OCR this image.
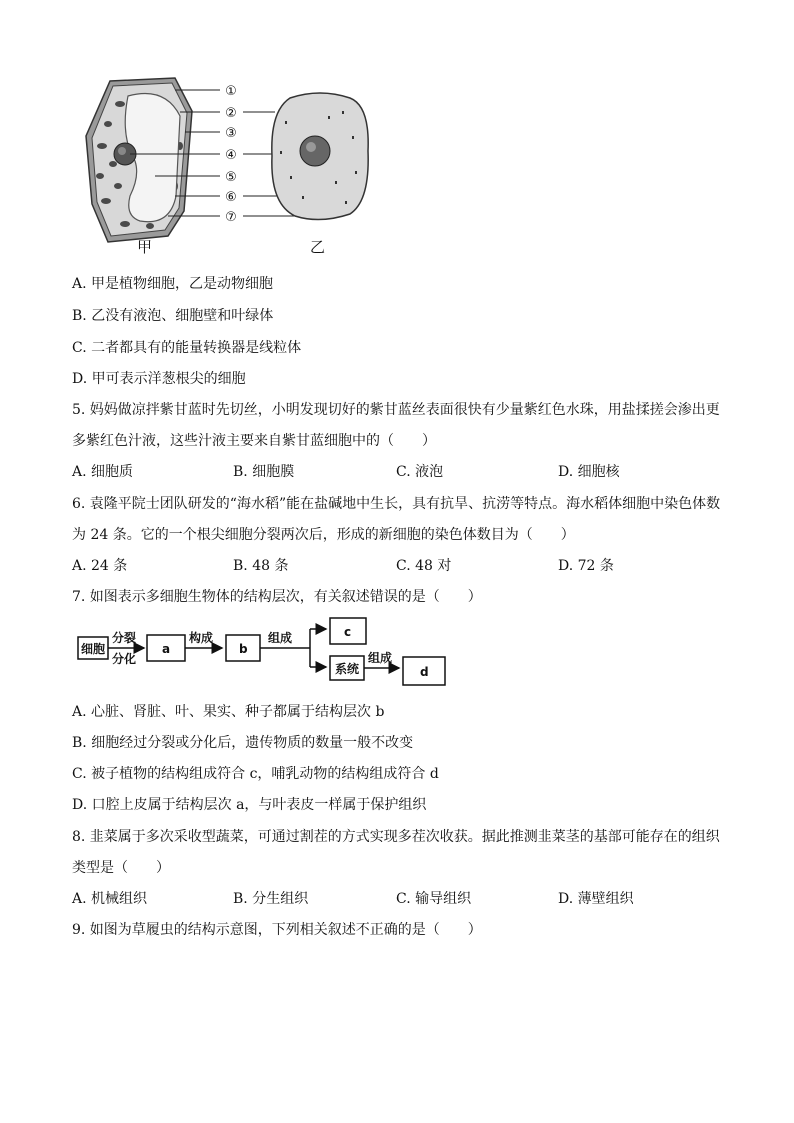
①
②
③
④
⑤
⑥
⑦
甲	乙
A. 甲是植物细胞，乙是动物细胞
B. 乙没有液泡、细胞壁和叶绿体
C. 二者都具有的能量转换器是线粒体
D. 甲可表示洋葱根尖的细胞
5. 妈妈做凉拌紫甘蓝时先切丝，小明发现切好的紫甘蓝丝表面很快有少量紫红色水珠，用盐揉搓会渗出更
多紫红色汁液，这些汁液主要来自紫甘蓝细胞中的（　　）
A. 细胞质	B. 细胞膜	C. 液泡	D. 细胞核
6. 袁隆平院士团队研发的“海水稻”能在盐碱地中生长，具有抗旱、抗涝等特点。海水稻体细胞中染色体数
为 24 条。它的一个根尖细胞分裂两次后，形成的新细胞的染色体数目为（　　）
A. 24 条	B. 48 条	C. 48 对	D. 72 条
7. 如图表示多细胞生物体的结构层次，有关叙述错误的是（　　）
细胞
分裂
分化
a
构成
b
组成	c
系统
组成
d
A. 心脏、肾脏、叶、果实、种子都属于结构层次 b
B. 细胞经过分裂或分化后，遗传物质的数量一般不改变
C. 被子植物的结构组成符合 c，哺乳动物的结构组成符合 d
D. 口腔上皮属于结构层次 a，与叶表皮一样属于保护组织
8. 韭菜属于多次采收型蔬菜，可通过割茬的方式实现多茬次收获。据此推测韭菜茎的基部可能存在的组织
类型是（　　）
A. 机械组织	B. 分生组织	C. 输导组织	D. 薄壁组织
9. 如图为草履虫的结构示意图，下列相关叙述不正确的是（　　）
